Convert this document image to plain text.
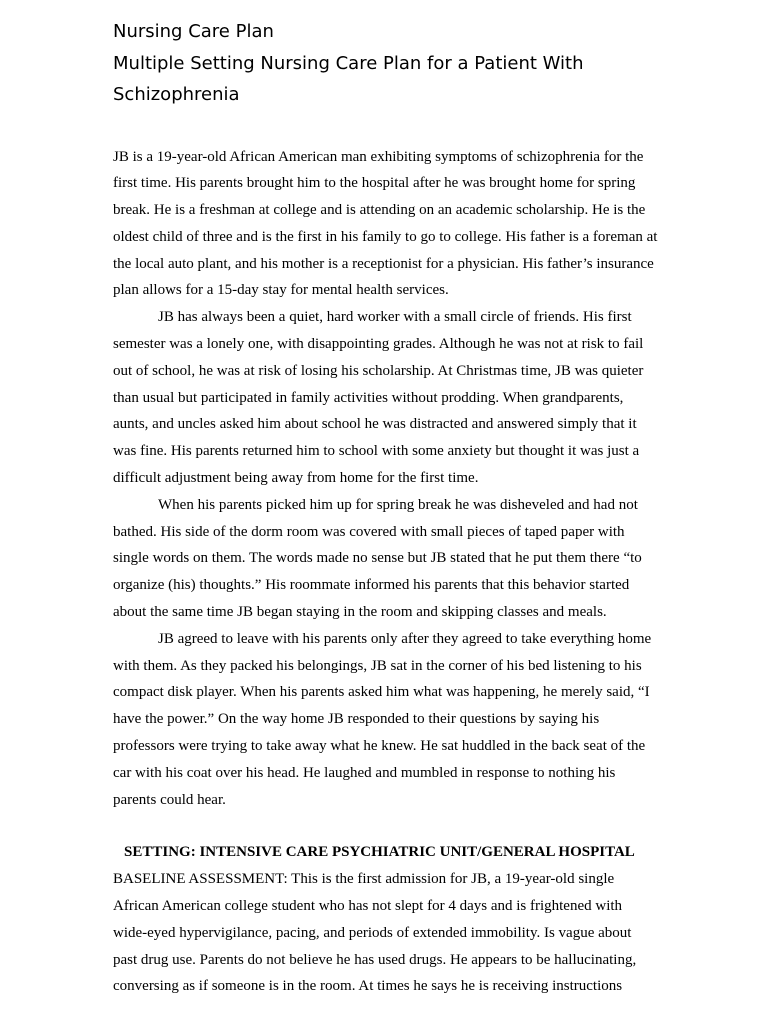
Nursing Care Plan
Multiple Setting Nursing Care Plan for a Patient With
Schizophrenia

JB is a 19-year-old African American man exhibiting symptoms of schizophrenia for the first time. His parents brought him to the hospital after he was brought home for spring break. He is a freshman at college and is attending on an academic scholarship. He is the oldest child of three and is the first in his family to go to college. His father is a foreman at the local auto plant, and his mother is a receptionist for a physician. His father’s insurance plan allows for a 15-day stay for mental health services.

JB has always been a quiet, hard worker with a small circle of friends. His first semester was a lonely one, with disappointing grades. Although he was not at risk to fail out of school, he was at risk of losing his scholarship. At Christmas time, JB was quieter than usual but participated in family activities without prodding. When grandparents, aunts, and uncles asked him about school he was distracted and answered simply that it was fine. His parents returned him to school with some anxiety but thought it was just a difficult adjustment being away from home for the first time.

When his parents picked him up for spring break he was disheveled and had not bathed. His side of the dorm room was covered with small pieces of taped paper with single words on them. The words made no sense but JB stated that he put them there “to organize (his) thoughts.” His roommate informed his parents that this behavior started about the same time JB began staying in the room and skipping classes and meals.

JB agreed to leave with his parents only after they agreed to take everything home with them. As they packed his belongings, JB sat in the corner of his bed listening to his compact disk player. When his parents asked him what was happening, he merely said, “I have the power.” On the way home JB responded to their questions by saying his professors were trying to take away what he knew. He sat huddled in the back seat of the car with his coat over his head. He laughed and mumbled in response to nothing his parents could hear.

SETTING: INTENSIVE CARE PSYCHIATRIC UNIT/GENERAL HOSPITAL

BASELINE ASSESSMENT: This is the first admission for JB, a 19-year-old single African American college student who has not slept for 4 days and is frightened with wide-eyed hypervigilance, pacing, and periods of extended immobility. Is vague about past drug use. Parents do not believe he has used drugs. He appears to be hallucinating, conversing as if someone is in the room. At times he says he is receiving instructions
